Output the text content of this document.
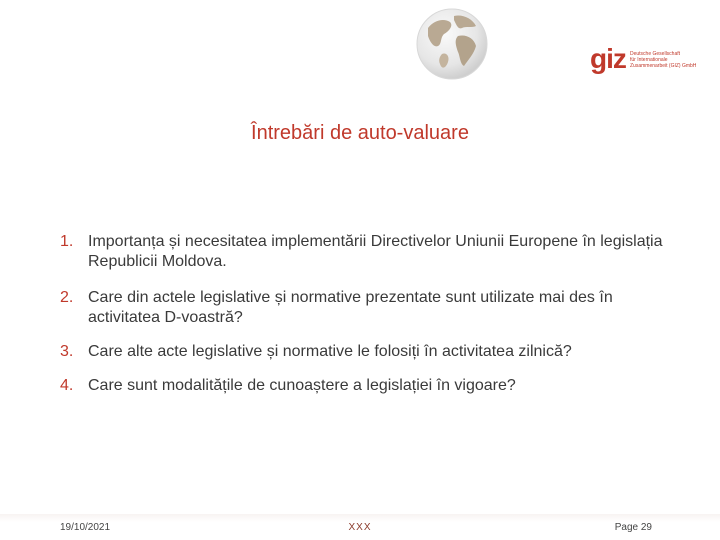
giz Deutsche Gesellschaft
für Internationale
Zusammenarbeit (GIZ) GmbH
Întrebări de auto-valuare
1. Importanța și necesitatea implementării Directivelor Uniunii Europene în legislația Republicii Moldova.
2. Care din actele legislative și normative prezentate sunt utilizate mai des în activitatea D-voastră?
3. Care alte acte legislative și normative le folosiți în activitatea zilnică?
4. Care sunt modalitățile de cunoaștere a legislației în vigoare?
19/10/2021	XXX	Page 29
